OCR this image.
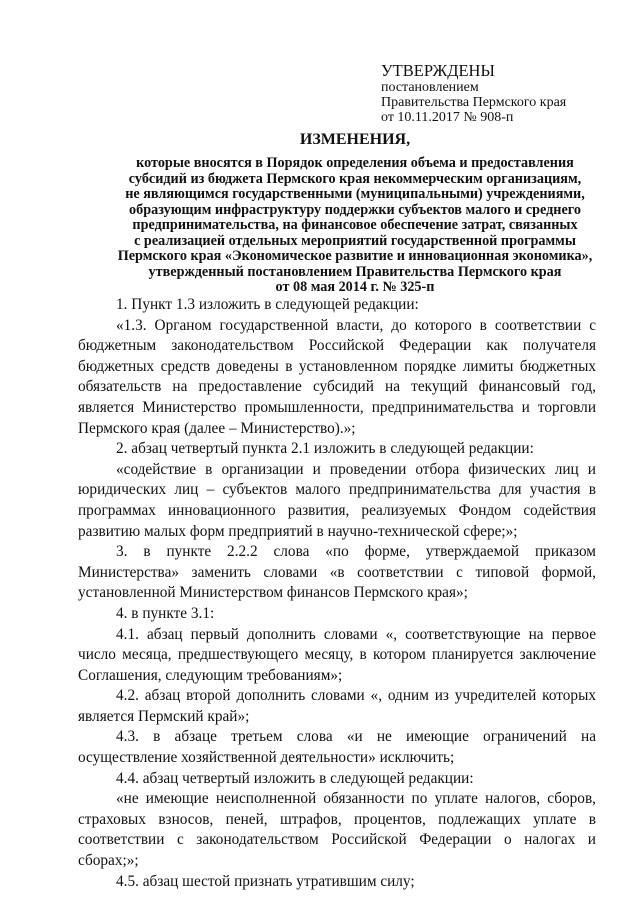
УТВЕРЖДЕНЫ
постановлением
Правительства Пермского края
от 10.11.2017 № 908-п
ИЗМЕНЕНИЯ,
которые вносятся в Порядок определения объема и предоставления
субсидий из бюджета Пермского края некоммерческим организациям,
не являющимся государственными (муниципальными) учреждениями,
образующим инфраструктуру поддержки субъектов малого и среднего
предпринимательства, на финансовое обеспечение затрат, связанных
с реализацией отдельных мероприятий государственной программы
Пермского края «Экономическое развитие и инновационная экономика»,
утвержденный постановлением Правительства Пермского края
от 08 мая 2014 г. № 325-п

1. Пункт 1.3 изложить в следующей редакции:

«1.3. Органом государственной власти, до которого в соответствии с бюджетным законодательством Российской Федерации как получателя бюджетных средств доведены в установленном порядке лимиты бюджетных обязательств на предоставление субсидий на текущий финансовый год, является Министерство промышленности, предпринимательства и торговли Пермского края (далее – Министерство).»;

2. абзац четвертый пункта 2.1 изложить в следующей редакции:

«содействие в организации и проведении отбора физических лиц и юридических лиц – субъектов малого предпринимательства для участия в программах инновационного развития, реализуемых Фондом содействия развитию малых форм предприятий в научно-технической сфере;»;

3. в пункте 2.2.2 слова «по форме, утверждаемой приказом Министерства» заменить словами «в соответствии с типовой формой, установленной Министерством финансов Пермского края»;

4. в пункте 3.1:

4.1. абзац первый дополнить словами «, соответствующие на первое число месяца, предшествующего месяцу, в котором планируется заключение Соглашения, следующим требованиям»;

4.2. абзац второй дополнить словами «, одним из учредителей которых является Пермский край»;

4.3. в абзаце третьем слова «и не имеющие ограничений на осуществление хозяйственной деятельности» исключить;

4.4. абзац четвертый изложить в следующей редакции:

«не имеющие неисполненной обязанности по уплате налогов, сборов, страховых взносов, пеней, штрафов, процентов, подлежащих уплате в соответствии с законодательством Российской Федерации о налогах и сборах;»;

4.5. абзац шестой признать утратившим силу;
